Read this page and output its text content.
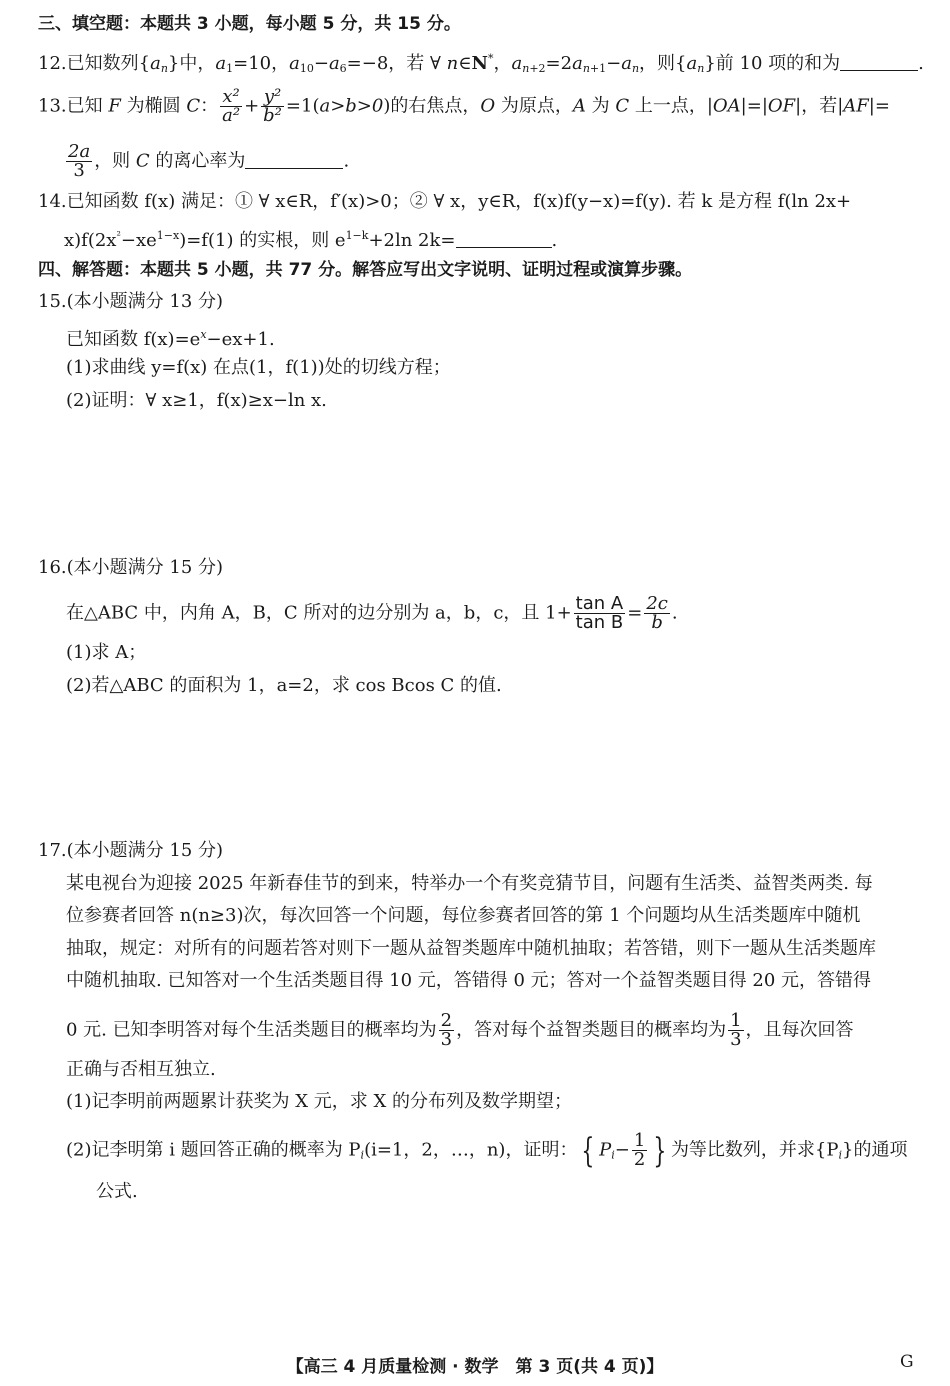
三、填空题：本题共 3 小题，每小题 5 分，共 15 分。
12.已知数列$\{a_n\}$中，$a_1=10$，$a_{10}-a_6=-8$，若 ∀ n∈N*，$a_{n+2}=2a_{n+1}-a_n$，则$\{a_n\}$前 10 项的和为	.
13.已知 F 为椭圆 C： $\frac{\text{x²}}{\text{a²}} + \frac{\text{y²}}{\text{b²}} =1(a>b>0)$的右焦点，O 为原点，A 为 C 上一点，|OA|=|OF|，若|AF|=
$\frac{2a}{3}$ ，则 C 的离心率为	.
14.已知函数 f(x) 满足：① ∀ x∈R，f′(x)>0；② ∀ x，y∈R，f(x)f(y−x)=f(y). 若 k 是方程 f(ln 2x+
$x)f(2x^{^2}-xe^{1-x})=f(1)$ 的实根，则 $e^{1-k}+2\ln$ 2k=	.
四、解答题：本题共 5 小题，共 77 分。解答应写出文字说明、证明过程或演算步骤。
15.(本小题满分 13 分)
已知函数 $f(x)=e^x-ex+1$.
(1)求曲线 y=f(x) 在点(1，f(1))处的切线方程；
(2)证明：∀ x≥1，f(x)≥x−ln x.
16.(本小题满分 15 分)
在△ABC 中，内角 A，B，C 所对的边分别为 a，b，c，且 $1+ \frac{\text{tan A}}{\text{tan B}} = \frac{2c}{b}$ .
(1)求 A；
(2)若△ABC 的面积为 1，a=2，求 cos Bcos C 的值.
17.(本小题满分 15 分)
某电视台为迎接 2025 年新春佳节的到来，特举办一个有奖竞猜节目，问题有生活类、益智类两类. 每
位参赛者回答 n(n≥3)次，每次回答一个问题，每位参赛者回答的第 1 个问题均从生活类题库中随机
抽取，规定：对所有的问题若答对则下一题从益智类题库中随机抽取；若答错，则下一题从生活类题库
中随机抽取. 已知答对一个生活类题目得 10 元，答错得 0 元；答对一个益智类题目得 20 元，答错得
0 元. 已知李明答对每个生活类题目的概率均为 $\frac{2}{3}$ ，答对每个益智类题目的概率均为 $\frac{1}{3}$ ，且每次回答
正确与否相互独立.
(1)记李明前两题累计获奖为 X 元，求 X 的分布列及数学期望；
(2)记李明第 i 题回答正确的概率为 $P_i(i=1$，2，…，n)，证明： { $P_i- \frac{1}{2}$ } 为等比数列，并求$\{P_i\}$的通项
公式.
【高三 4 月质量检测 · 数学　第 3 页(共 4 页)】	G
